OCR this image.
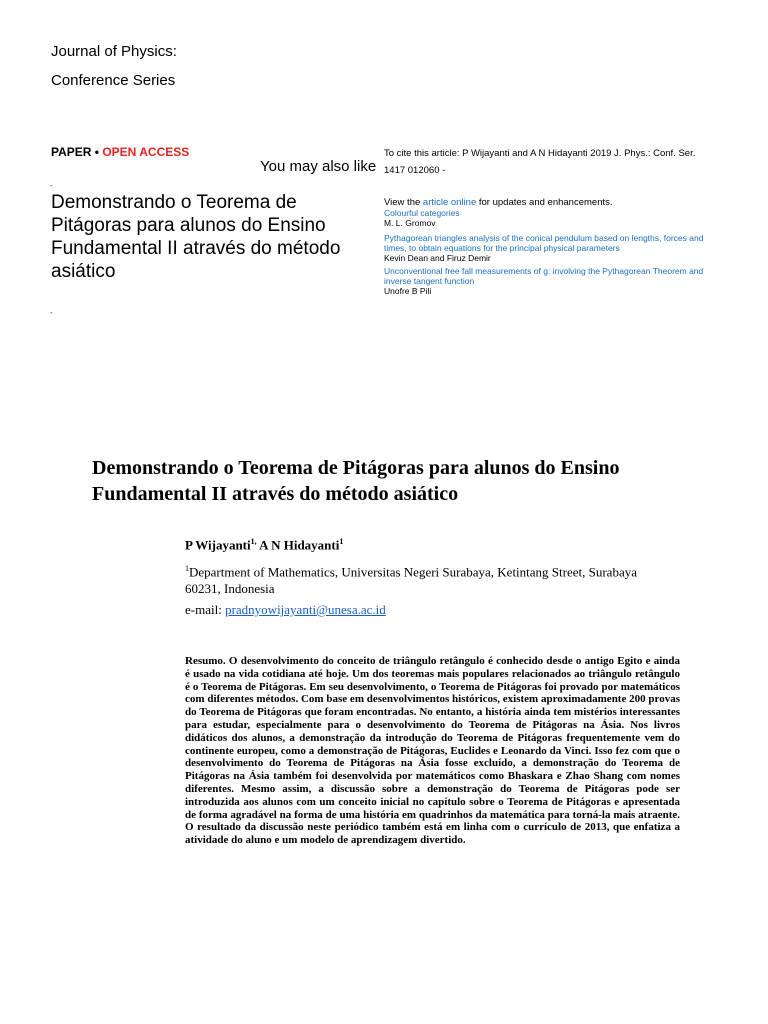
Journal of Physics:
Conference Series
PAPER • OPEN ACCESS
You may also like
-
Demonstrando o Teorema de Pitágoras para alunos do Ensino Fundamental II através do método asiático
-
To cite this article: P Wijayanti and A N Hidayanti 2019 J. Phys.: Conf. Ser. 1417 012060 -
View the article online for updates and enhancements.
Colourful categories
M. L. Gromov
Pythagorean triangles analysis of the conical pendulum based on lengths, forces and times, to obtain equations for the principal physical parameters
Kevin Dean and Firuz Demir
Unconventional free fall measurements of g: involving the Pythagorean Theorem and inverse tangent function
Unofre B Pili
Demonstrando o Teorema de Pitágoras para alunos do Ensino Fundamental II através do método asiático
P Wijayanti$^{1,}$ A N Hidayanti$^1$
$^1$Department of Mathematics, Universitas Negeri Surabaya, Ketintang Street, Surabaya 60231, Indonesia
e-mail: pradnyowijayanti@unesa.ac.id
Resumo. O desenvolvimento do conceito de triângulo retângulo é conhecido desde o antigo Egito e ainda é usado na vida cotidiana até hoje. Um dos teoremas mais populares relacionados ao triângulo retângulo é o Teorema de Pitágoras. Em seu desenvolvimento, o Teorema de Pitágoras foi provado por matemáticos com diferentes métodos. Com base em desenvolvimentos históricos, existem aproximadamente 200 provas do Teorema de Pitágoras que foram encontradas. No entanto, a história ainda tem mistérios interessantes para estudar, especialmente para o desenvolvimento do Teorema de Pitágoras na Ásia. Nos livros didáticos dos alunos, a demonstração da introdução do Teorema de Pitágoras frequentemente vem do continente europeu, como a demonstração de Pitágoras, Euclides e Leonardo da Vinci. Isso fez com que o desenvolvimento do Teorema de Pitágoras na Ásia fosse excluído, a demonstração do Teorema de Pitágoras na Ásia também foi desenvolvida por matemáticos como Bhaskara e Zhao Shang com nomes diferentes. Mesmo assim, a discussão sobre a demonstração do Teorema de Pitágoras pode ser introduzida aos alunos com um conceito inicial no capítulo sobre o Teorema de Pitágoras e apresentada de forma agradável na forma de uma história em quadrinhos da matemática para torná-la mais atraente. O resultado da discussão neste periódico também está em linha com o currículo de 2013, que enfatiza a atividade do aluno e um modelo de aprendizagem divertido.
